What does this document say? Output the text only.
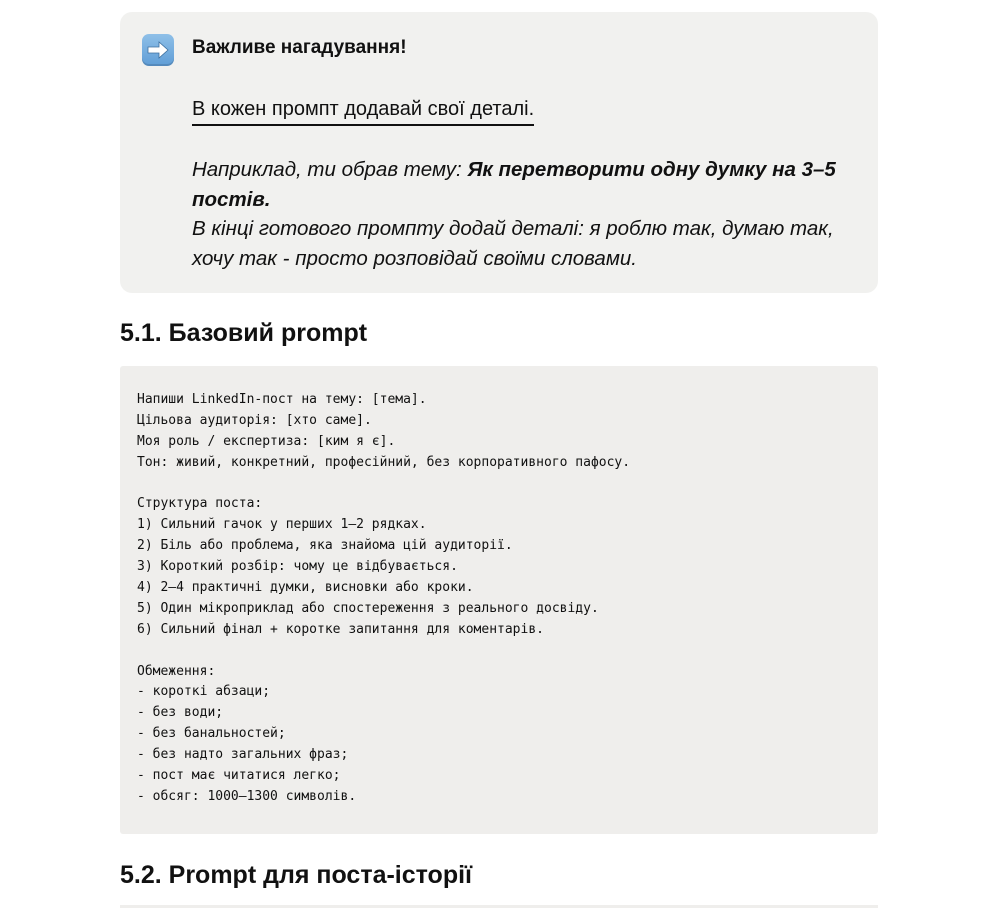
Важливе нагадування!
В кожен промпт додавай свої деталі.
Наприклад, ти обрав тему: Як перетворити одну думку на 3–5 постів.
В кінці готового промпту додай деталі: я роблю так, думаю так, хочу так - просто розповідай своїми словами.
5.1. Базовий prompt
Напиши LinkedIn-пост на тему: [тема].
Цільова аудиторія: [хто саме].
Моя роль / експертиза: [ким я є].
Тон: живий, конкретний, професійний, без корпоративного пафосу.
Структура поста:
1) Сильний гачок у перших 1–2 рядках.
2) Біль або проблема, яка знайома цій аудиторії.
3) Короткий розбір: чому це відбувається.
4) 2–4 практичні думки, висновки або кроки.
5) Один мікроприклад або спостереження з реального досвіду.
6) Сильний фінал + коротке запитання для коментарів.
Обмеження:
- короткі абзаци;
- без води;
- без банальностей;
- без надто загальних фраз;
- пост має читатися легко;
- обсяг: 1000–1300 символів.
5.2. Prompt для поста-історії
